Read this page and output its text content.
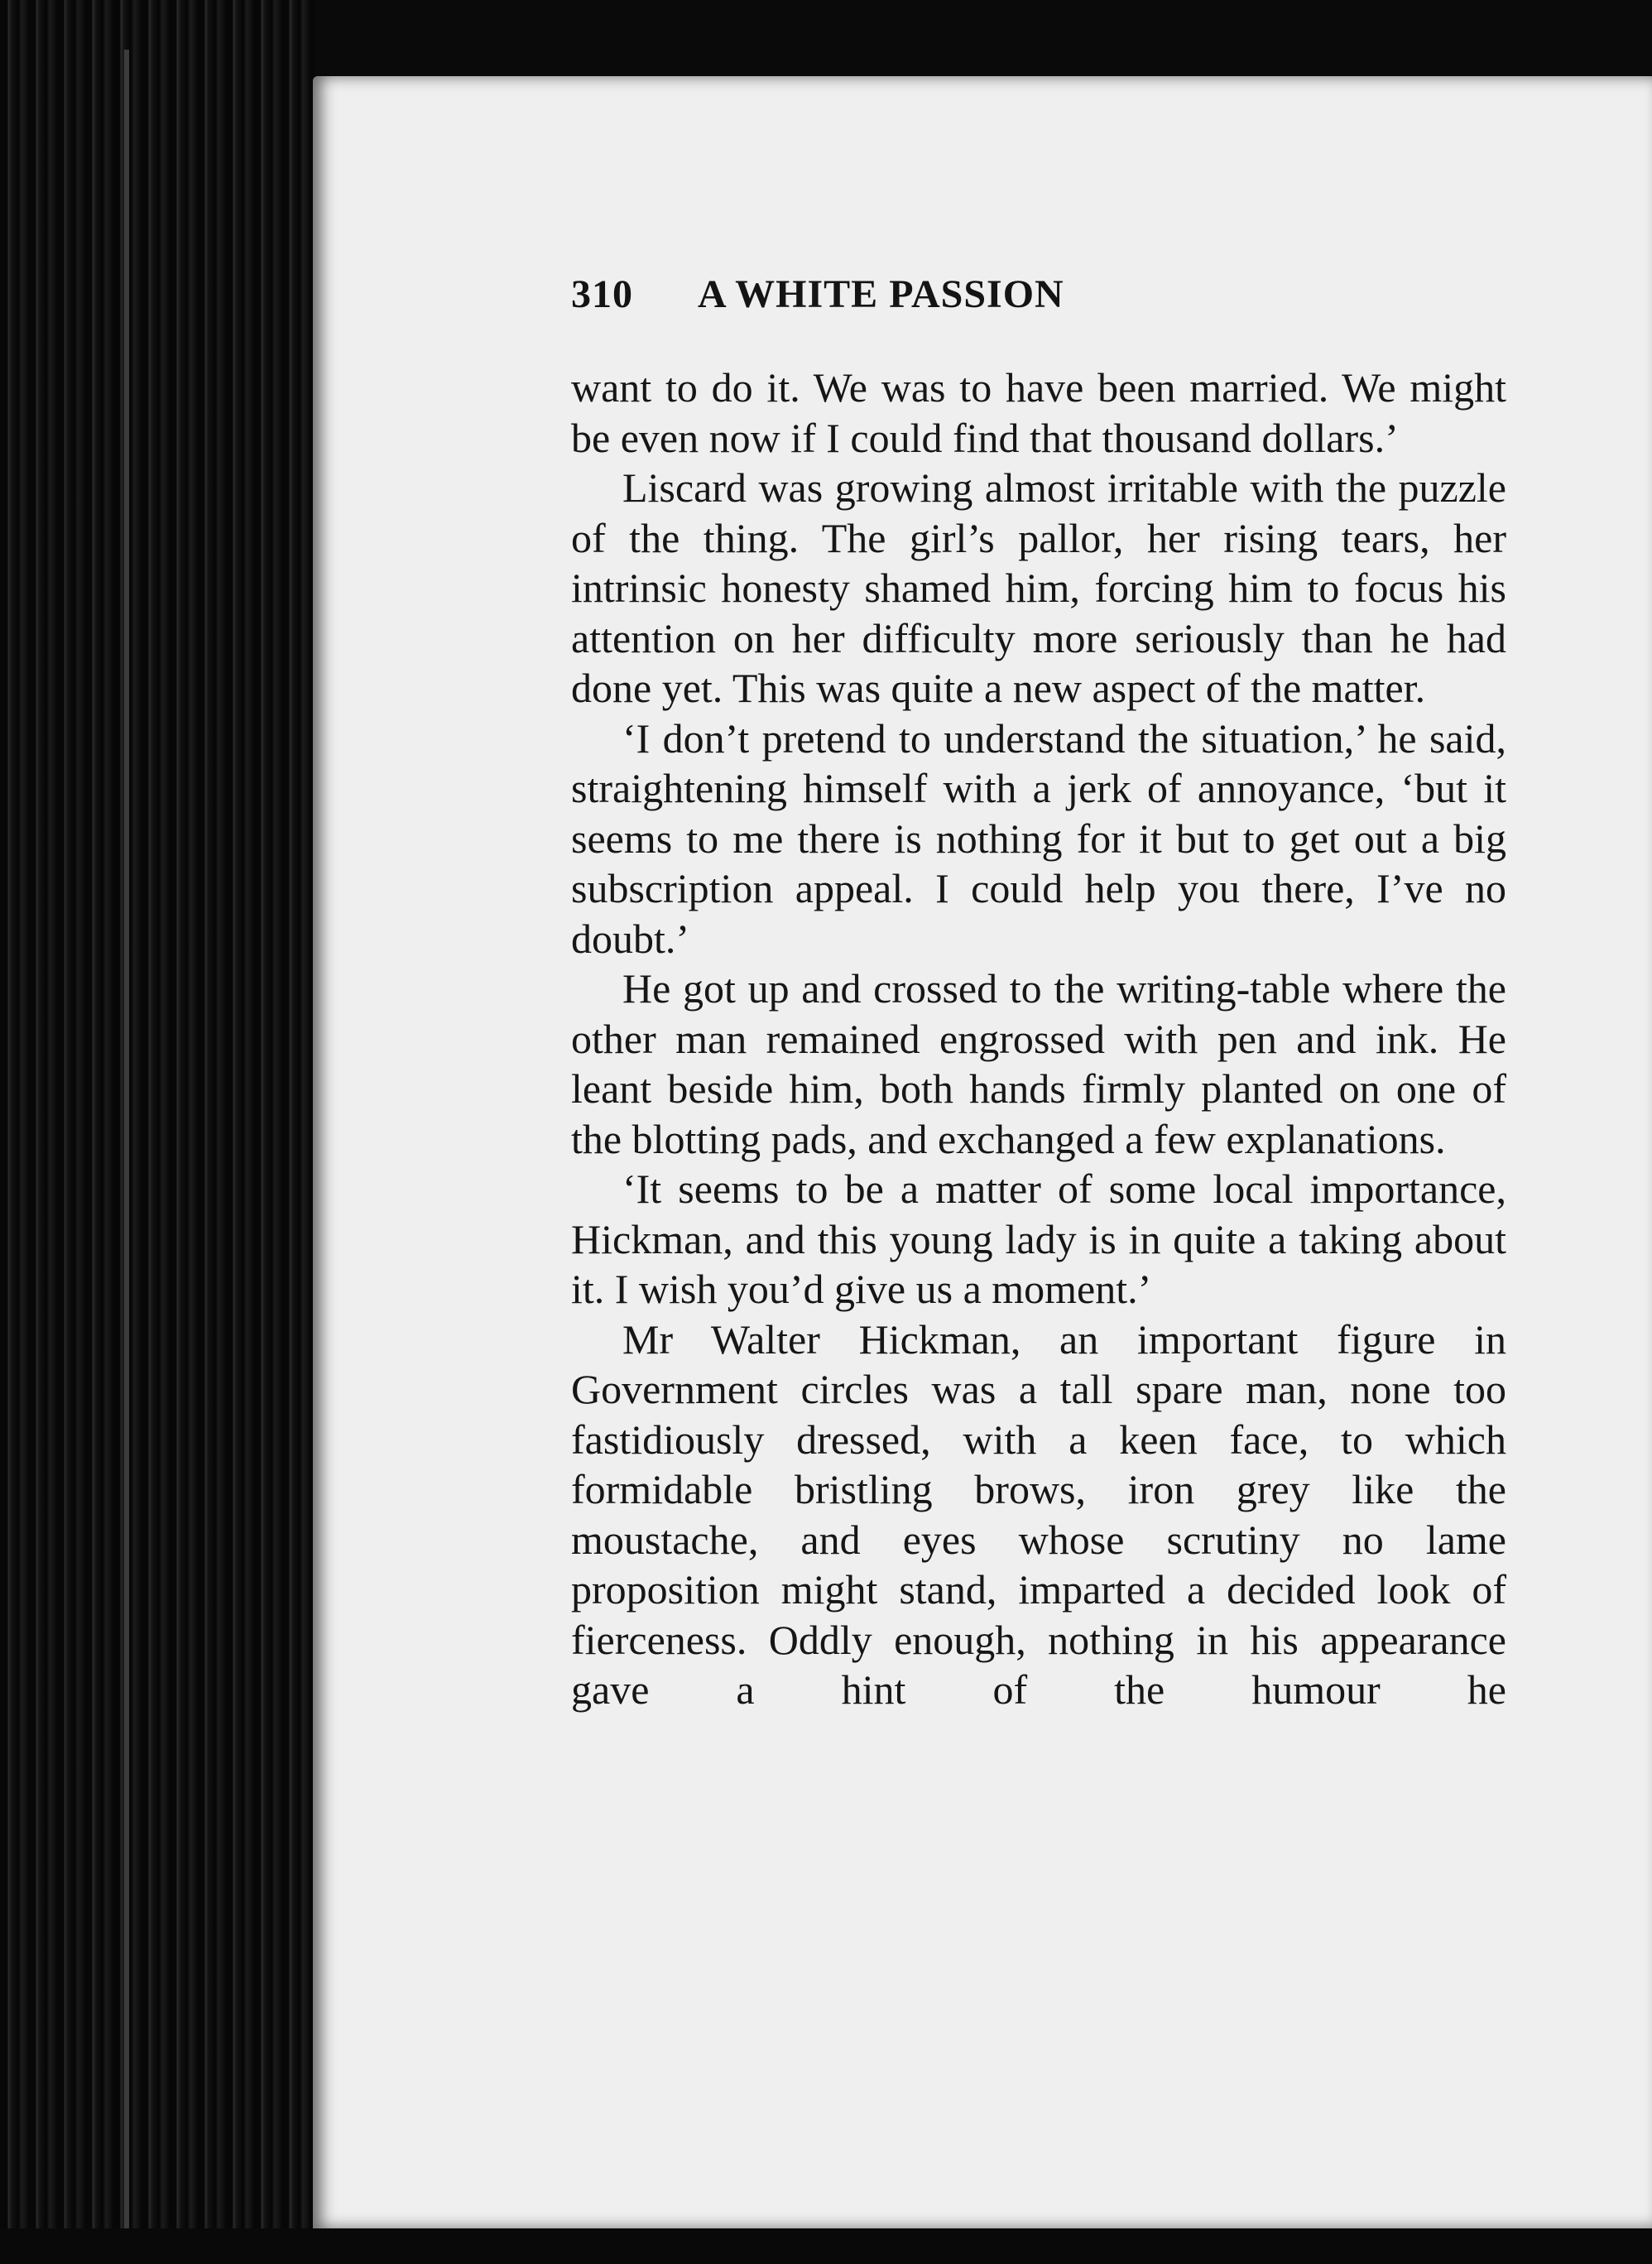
310 A WHITE PASSION

want to do it. We was to have been married. We might be even now if I could find that thousand dollars.’

Liscard was growing almost irritable with the puzzle of the thing. The girl’s pallor, her rising tears, her intrinsic honesty shamed him, forcing him to focus his attention on her difficulty more seriously than he had done yet. This was quite a new aspect of the matter.

‘I don’t pretend to understand the situation,’ he said, straightening himself with a jerk of annoyance, ‘but it seems to me there is nothing for it but to get out a big subscription appeal. I could help you there, I’ve no doubt.’

He got up and crossed to the writing-table where the other man remained engrossed with pen and ink. He leant beside him, both hands firmly planted on one of the blotting pads, and exchanged a few explanations.

‘It seems to be a matter of some local importance, Hickman, and this young lady is in quite a taking about it. I wish you’d give us a moment.’

Mr Walter Hickman, an important figure in Government circles was a tall spare man, none too fastidiously dressed, with a keen face, to which formidable bristling brows, iron grey like the moustache, and eyes whose scrutiny no lame proposition might stand, imparted a decided look of fierceness. Oddly enough, nothing in his appearance gave a hint of the humour he
